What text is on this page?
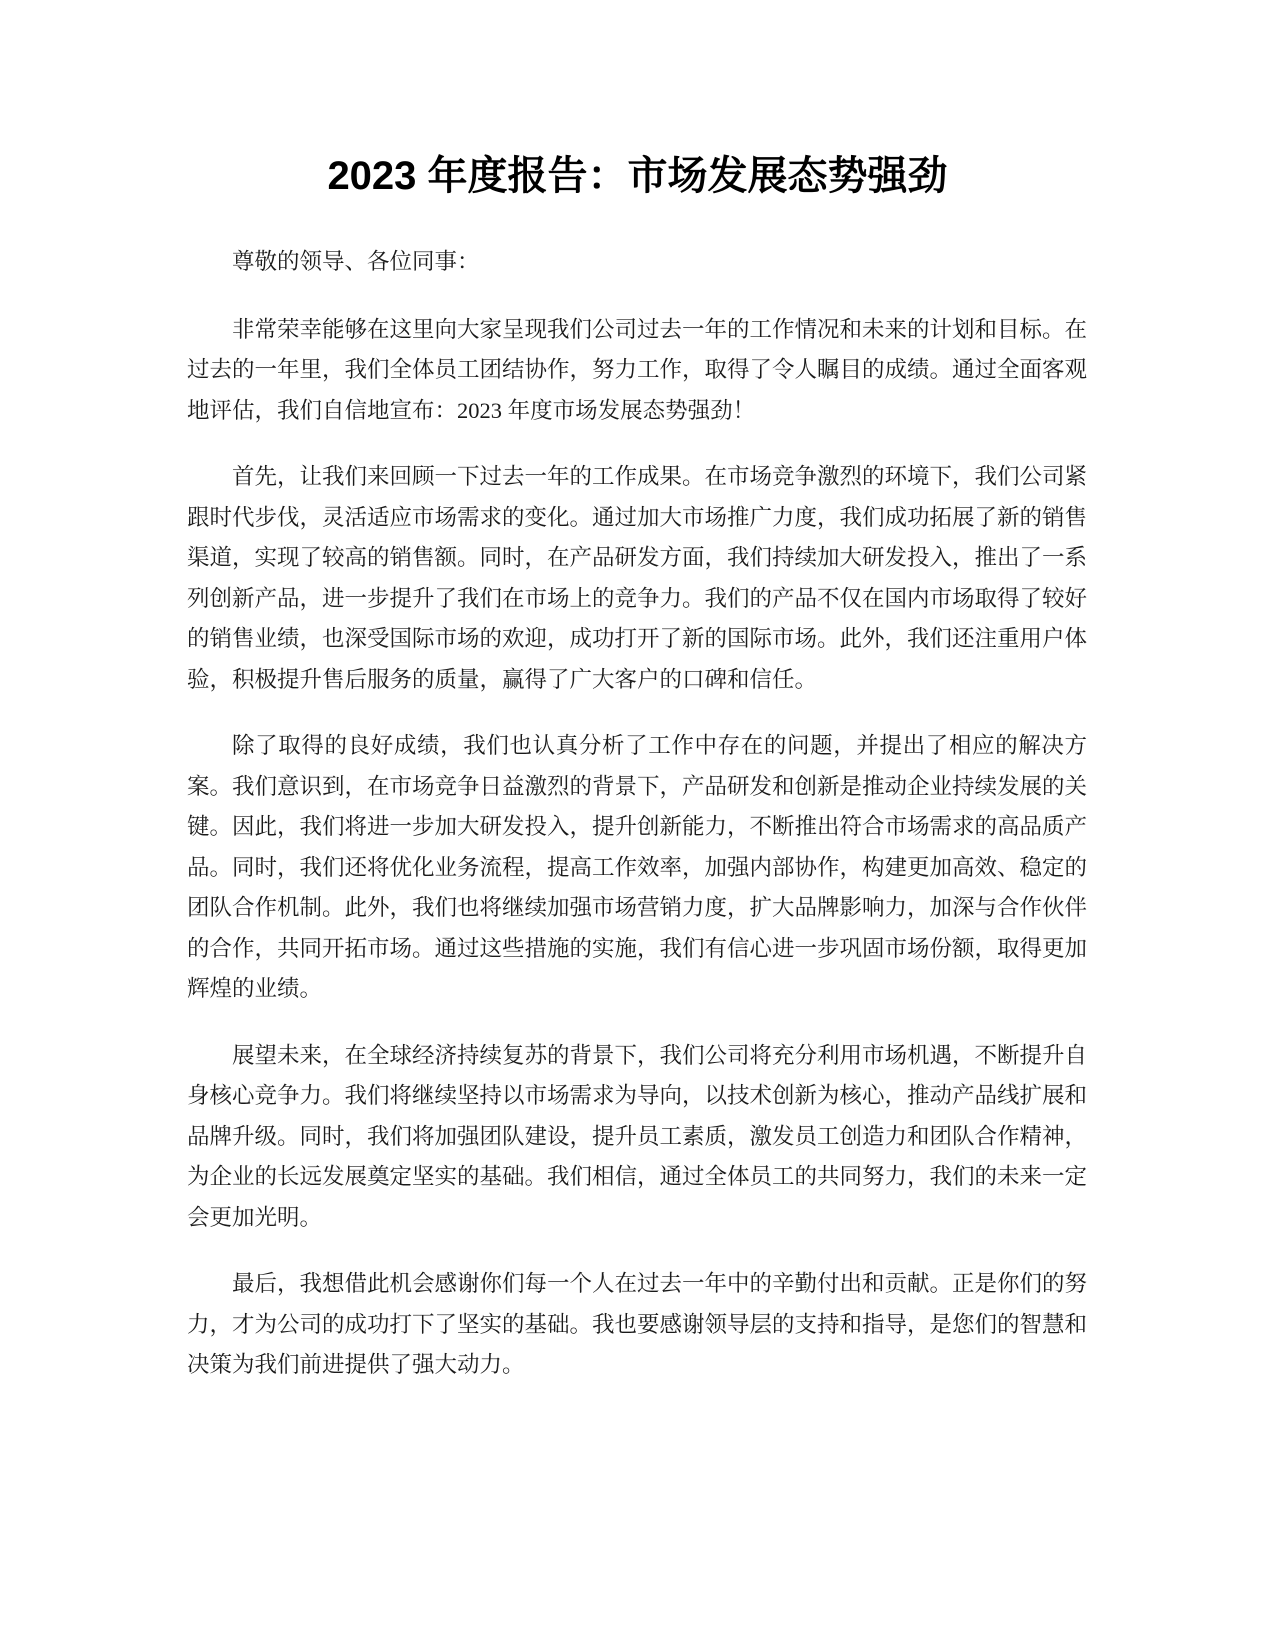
2023 年度报告：市场发展态势强劲

尊敬的领导、各位同事：

非常荣幸能够在这里向大家呈现我们公司过去一年的工作情况和未来的计划和目标。在过去的一年里，我们全体员工团结协作，努力工作，取得了令人瞩目的成绩。通过全面客观地评估，我们自信地宣布：2023 年度市场发展态势强劲！

首先，让我们来回顾一下过去一年的工作成果。在市场竞争激烈的环境下，我们公司紧跟时代步伐，灵活适应市场需求的变化。通过加大市场推广力度，我们成功拓展了新的销售渠道，实现了较高的销售额。同时，在产品研发方面，我们持续加大研发投入，推出了一系列创新产品，进一步提升了我们在市场上的竞争力。我们的产品不仅在国内市场取得了较好的销售业绩，也深受国际市场的欢迎，成功打开了新的国际市场。此外，我们还注重用户体验，积极提升售后服务的质量，赢得了广大客户的口碑和信任。

除了取得的良好成绩，我们也认真分析了工作中存在的问题，并提出了相应的解决方案。我们意识到，在市场竞争日益激烈的背景下，产品研发和创新是推动企业持续发展的关键。因此，我们将进一步加大研发投入，提升创新能力，不断推出符合市场需求的高品质产品。同时，我们还将优化业务流程，提高工作效率，加强内部协作，构建更加高效、稳定的团队合作机制。此外，我们也将继续加强市场营销力度，扩大品牌影响力，加深与合作伙伴的合作，共同开拓市场。通过这些措施的实施，我们有信心进一步巩固市场份额，取得更加辉煌的业绩。

展望未来，在全球经济持续复苏的背景下，我们公司将充分利用市场机遇，不断提升自身核心竞争力。我们将继续坚持以市场需求为导向，以技术创新为核心，推动产品线扩展和品牌升级。同时，我们将加强团队建设，提升员工素质，激发员工创造力和团队合作精神，为企业的长远发展奠定坚实的基础。我们相信，通过全体员工的共同努力，我们的未来一定会更加光明。

最后，我想借此机会感谢你们每一个人在过去一年中的辛勤付出和贡献。正是你们的努力，才为公司的成功打下了坚实的基础。我也要感谢领导层的支持和指导，是您们的智慧和决策为我们前进提供了强大动力。
